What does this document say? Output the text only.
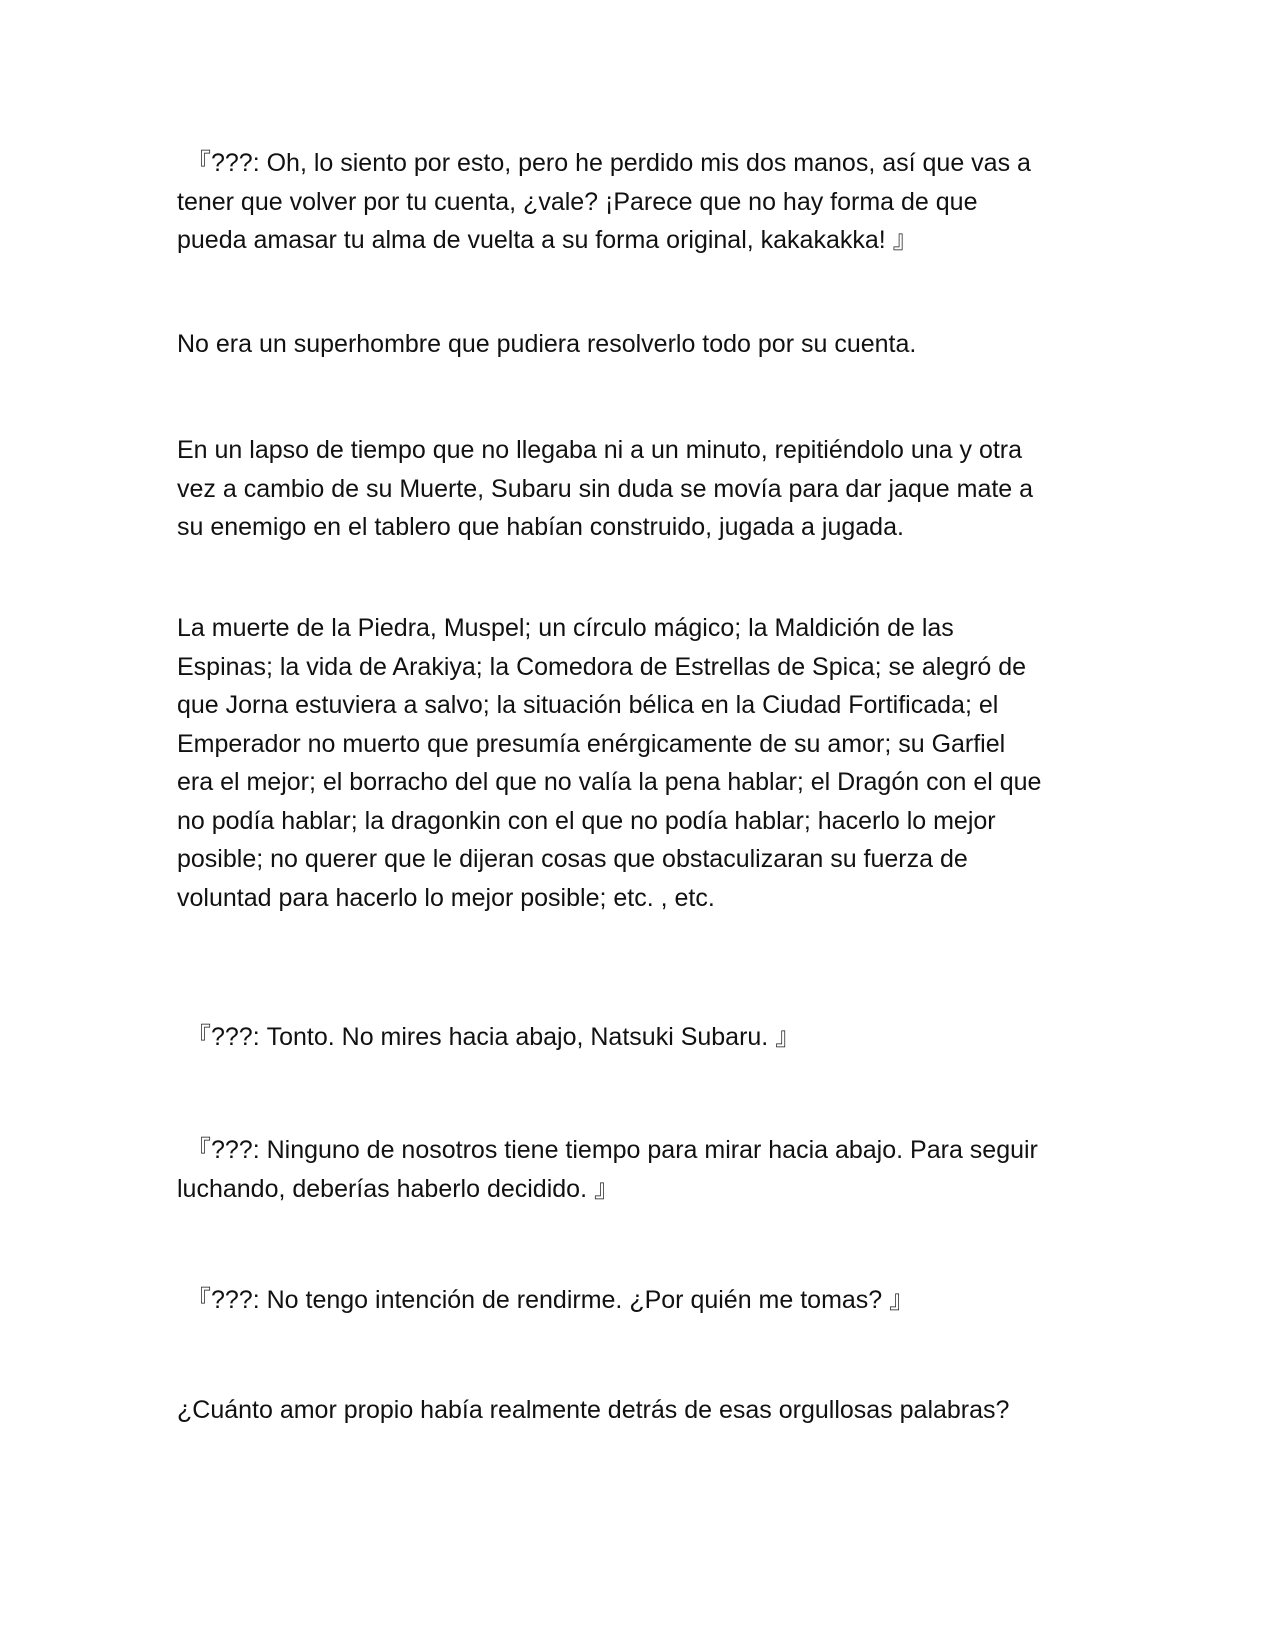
『???: Oh, lo siento por esto, pero he perdido mis dos manos, así que vas a
tener que volver por tu cuenta, ¿vale? ¡Parece que no hay forma de que
pueda amasar tu alma de vuelta a su forma original, kakakakka! 』

No era un superhombre que pudiera resolverlo todo por su cuenta.

En un lapso de tiempo que no llegaba ni a un minuto, repitiéndolo una y otra
vez a cambio de su Muerte, Subaru sin duda se movía para dar jaque mate a
su enemigo en el tablero que habían construido, jugada a jugada.

La muerte de la Piedra, Muspel; un círculo mágico; la Maldición de las
Espinas; la vida de Arakiya; la Comedora de Estrellas de Spica; se alegró de
que Jorna estuviera a salvo; la situación bélica en la Ciudad Fortificada; el
Emperador no muerto que presumía enérgicamente de su amor; su Garfiel
era el mejor; el borracho del que no valía la pena hablar; el Dragón con el que
no podía hablar; la dragonkin con el que no podía hablar; hacerlo lo mejor
posible; no querer que le dijeran cosas que obstaculizaran su fuerza de
voluntad para hacerlo lo mejor posible; etc. , etc.

『???: Tonto. No mires hacia abajo, Natsuki Subaru. 』

『???: Ninguno de nosotros tiene tiempo para mirar hacia abajo. Para seguir
luchando, deberías haberlo decidido. 』

『???: No tengo intención de rendirme. ¿Por quién me tomas? 』

¿Cuánto amor propio había realmente detrás de esas orgullosas palabras?
